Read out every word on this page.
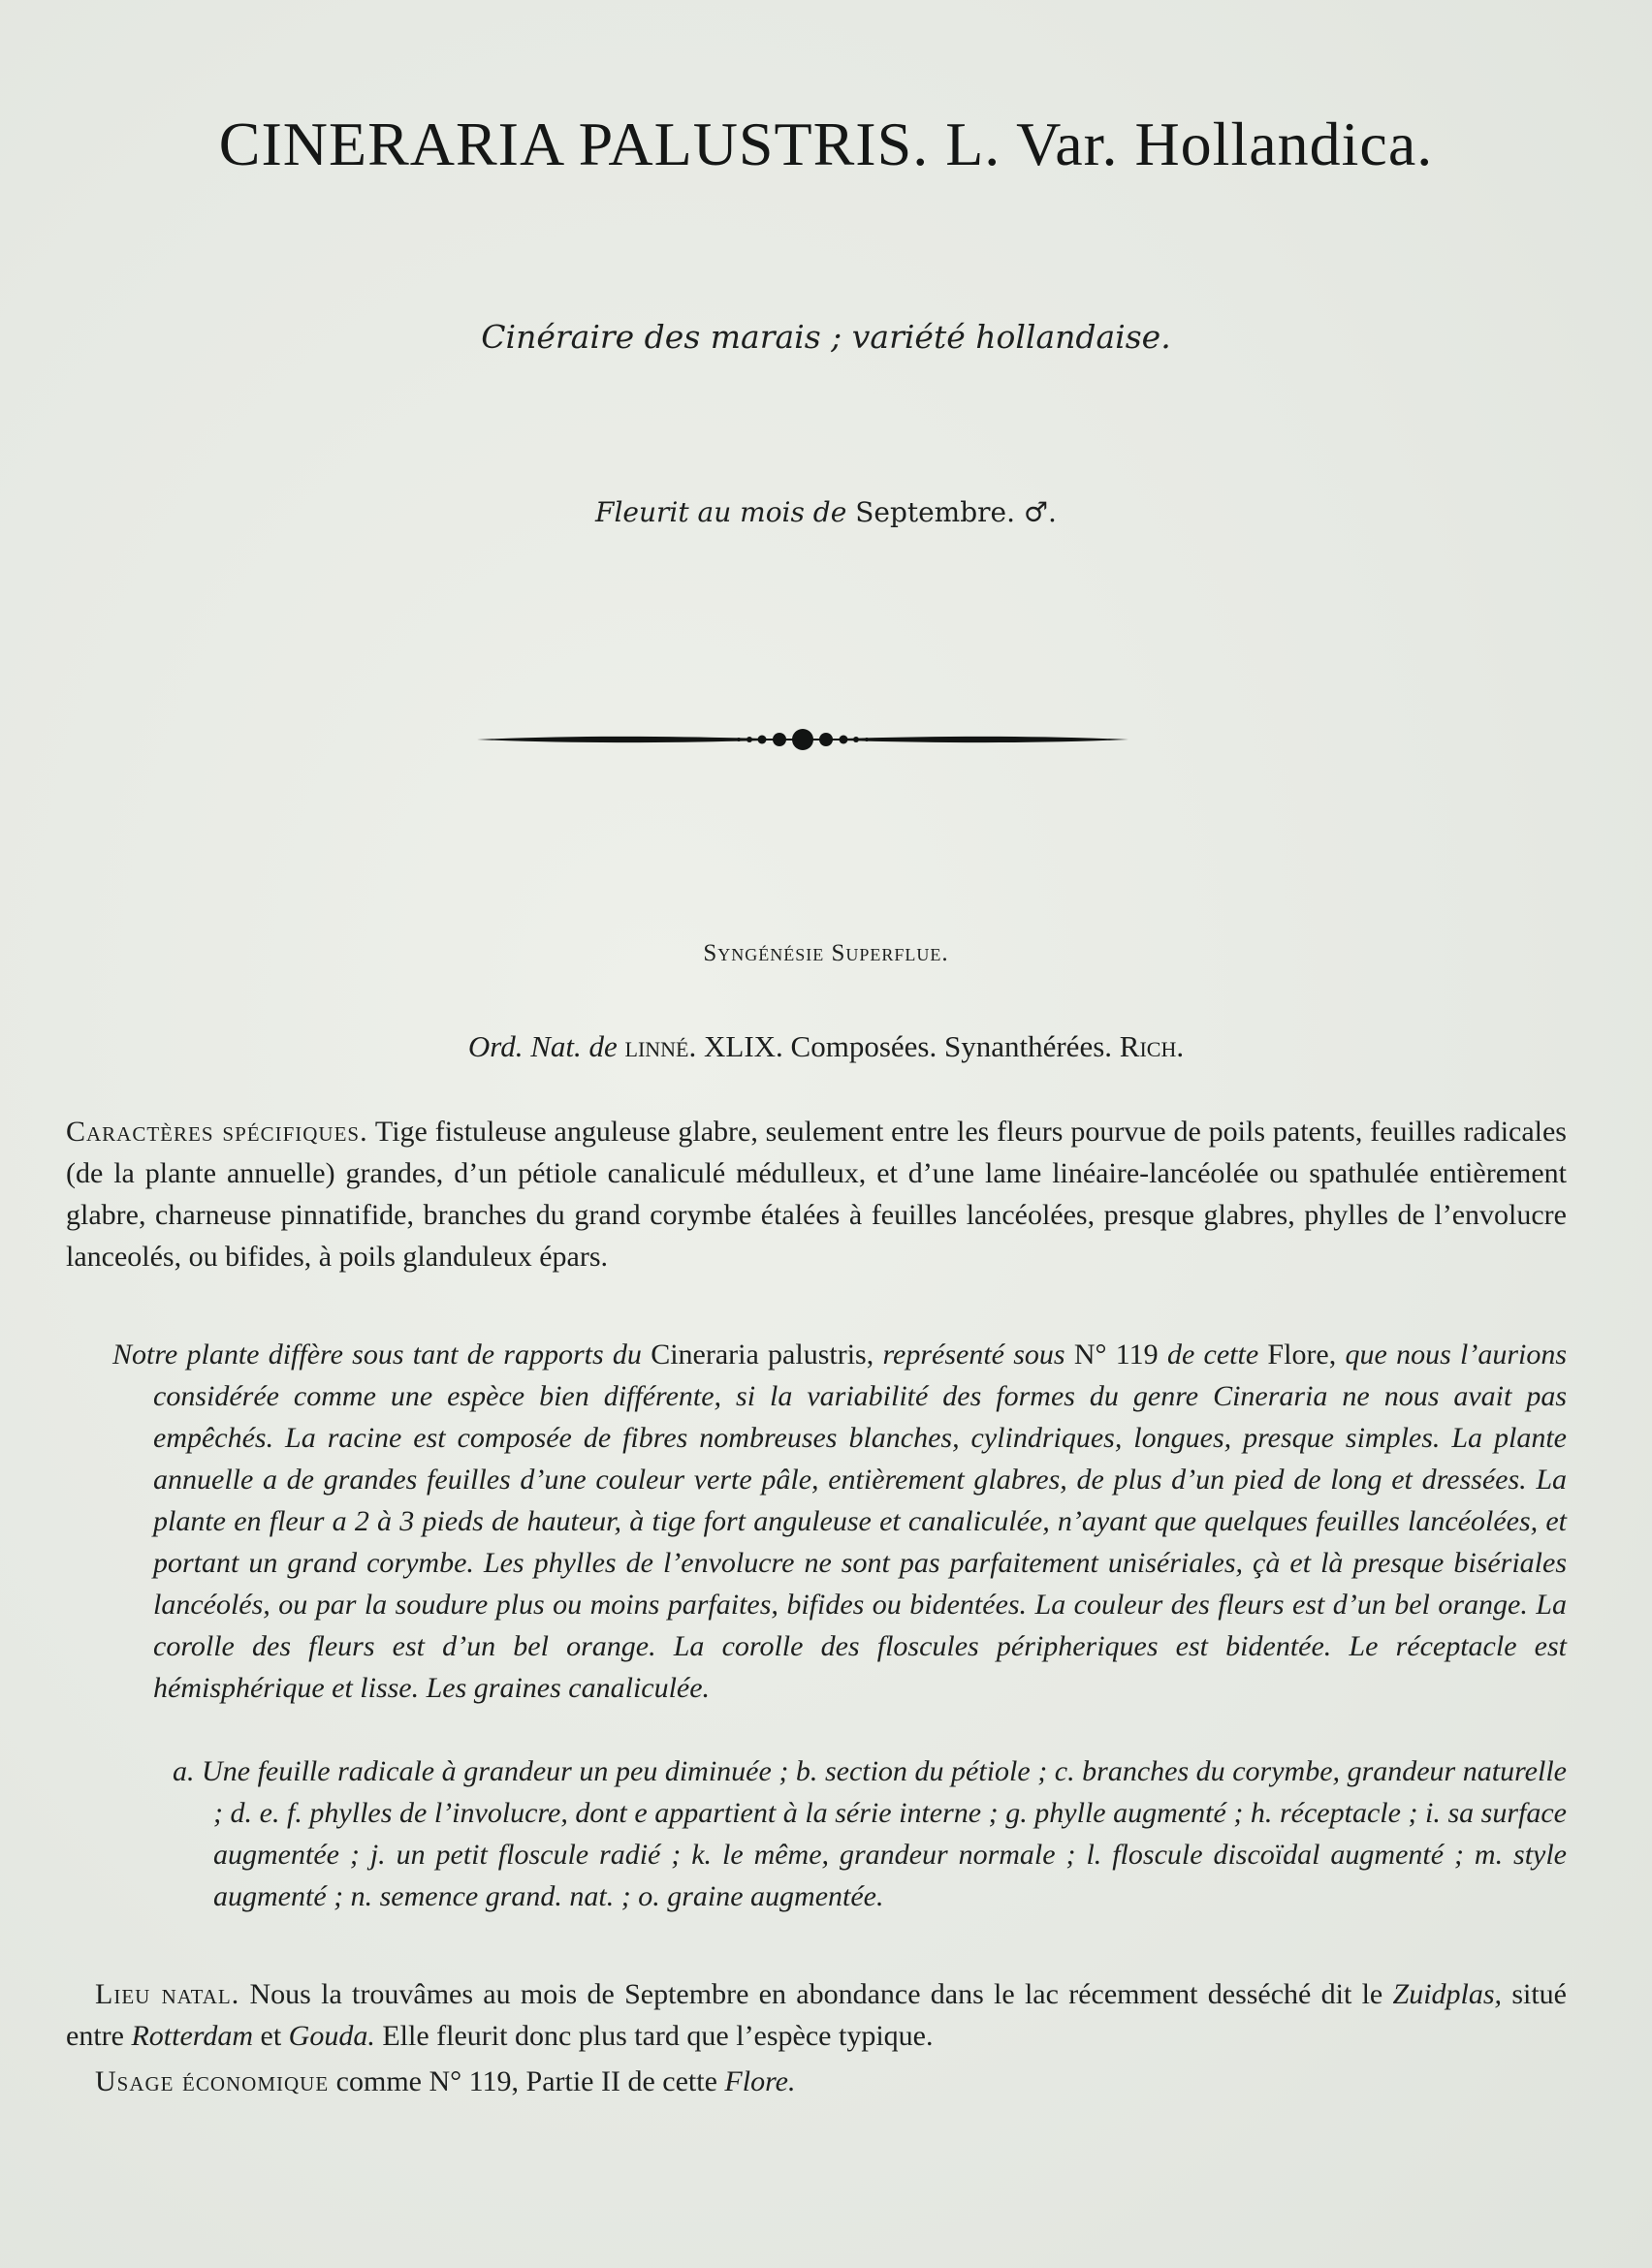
CINERARIA PALUSTRIS. L. Var. Hollandica.
Cinéraire des marais ; variété hollandaise.
Fleurit au mois de Septembre. ♂.
Syngénésie Superflue.
Ord. Nat. de linné. XLIX. Composées. Synanthérées. Rich.
Caractères spécifiques. Tige fistuleuse anguleuse glabre, seulement entre les fleurs pourvue de poils patents, feuilles radicales (de la plante annuelle) grandes, d’un pétiole canaliculé médulleux, et d’une lame linéaire-lancéolée ou spathulée entièrement glabre, charneuse pinnatifide, branches du grand corymbe étalées à feuilles lancéolées, presque glabres, phylles de l’envolucre lanceolés, ou bifides, à poils glanduleux épars.
Notre plante diffère sous tant de rapports du Cineraria palustris, représenté sous N° 119 de cette Flore, que nous l’aurions considérée comme une espèce bien différente, si la variabilité des formes du genre Cineraria ne nous avait pas empêchés. La racine est composée de fibres nombreuses blanches, cylindriques, longues, presque simples. La plante annuelle a de grandes feuilles d’une couleur verte pâle, entièrement glabres, de plus d’un pied de long et dressées. La plante en fleur a 2 à 3 pieds de hauteur, à tige fort anguleuse et canaliculée, n’ayant que quelques feuilles lancéolées, et portant un grand corymbe. Les phylles de l’envolucre ne sont pas parfaitement unisériales, çà et là presque bisériales lancéolés, ou par la soudure plus ou moins parfaites, bifides ou bidentées. La couleur des fleurs est d’un bel orange. La corolle des fleurs est d’un bel orange. La corolle des floscules péripheriques est bidentée. Le réceptacle est hémisphérique et lisse. Les graines canaliculée.
a. Une feuille radicale à grandeur un peu diminuée ; b. section du pétiole ; c. branches du corymbe, grandeur naturelle ; d. e. f. phylles de l’involucre, dont e appartient à la série interne ; g. phylle augmenté ; h. réceptacle ; i. sa surface augmentée ; j. un petit floscule radié ; k. le même, grandeur normale ; l. floscule discoïdal augmenté ; m. style augmenté ; n. semence grand. nat. ; o. graine augmentée.
Lieu natal. Nous la trouvâmes au mois de Septembre en abondance dans le lac récemment desséché dit le Zuidplas, situé entre Rotterdam et Gouda. Elle fleurit donc plus tard que l’espèce typique.
Usage économique comme N° 119, Partie II de cette Flore.
